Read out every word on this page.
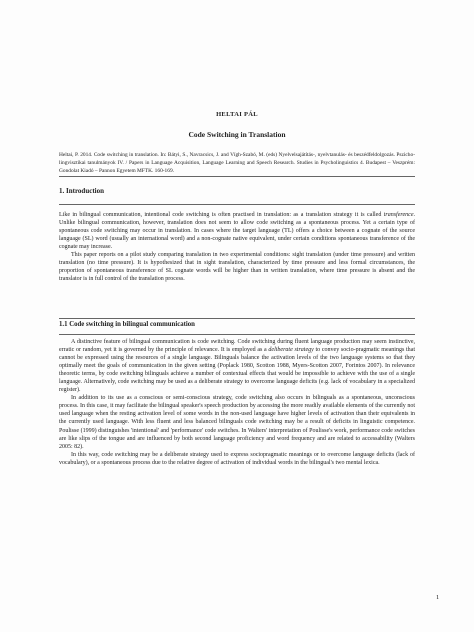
HELTAI PÁL
Code Switching in Translation
Heltai, P. 2014. Code switching in translation. In: Bátyi, S., Navracsics, J. and Vígh-Szabó, M. (eds) Nyelvelsajátítás-, nyelvtanulás- és beszédfeldolgozás. Pszicho-lingvisztikai tanulmányok IV. / Papers in Language Acquisition, Language Learning and Speech Research. Studies in Psycholinguistics 4. Budapest – Veszprém: Gondolat Kiadó – Pannon Egyetem MFTK. 160-169.
1. Introduction

Like in bilingual communication, intentional code switching is often practised in translation: as a translation strategy it is called transference. Unlike bilingual communication, however, translation does not seem to allow code switching as a spontaneous process. Yet a certain type of spontaneous code switching may occur in translation. In cases where the target language (TL) offers a choice between a cognate of the source language (SL) word (usually an international word) and a non-cognate native equivalent, under certain conditions spontaneous transference of the cognate may increase.

This paper reports on a pilot study comparing translation in two experimental conditions: sight translation (under time pressure) and written translation (no time pressure). It is hypothesized that in sight translation, characterized by time pressure and less formal circumstances, the proportion of spontaneous transference of SL cognate words will be higher than in written translation, where time pressure is absent and the translator is in full control of the translation process.

1.1 Code switching in bilingual communication

A distinctive feature of bilingual communication is code switching. Code switching during fluent language production may seem instinctive, erratic or random, yet it is governed by the principle of relevance. It is employed as a deliberate strategy to convey socio-pragmatic meanings that cannot be expressed using the resources of a single language. Bilinguals balance the activation levels of the two language systems so that they optimally meet the goals of communication in the given setting (Poplack 1980, Scotton 1988, Myers-Scotton 2007, Forintos 2007). In relevance theoretic terms, by code switching bilinguals achieve a number of contextual effects that would be impossible to achieve with the use of a single language. Alternatively, code switching may be used as a deliberate strategy to overcome language deficits (e.g. lack of vocabulary in a specialized register).

In addition to its use as a conscious or semi-conscious strategy, code switching also occurs in bilinguals as a spontaneous, unconscious process. In this case, it may facilitate the bilingual speaker's speech production by accessing the more readily available elements of the currently not used language when the resting activation level of some words in the non-used language have higher levels of activation than their equivalents in the currently used language. With less fluent and less balanced bilinguals code switching may be a result of deficits in linguistic competence. Poulisse (1999) distinguishes 'intentional' and 'performance' code switches. In Walters' interpretation of Poulisse's work, performance code switches are like slips of the tongue and are influenced by both second language proficiency and word frequency and are related to accessability (Walters 2005: 82).

In this way, code switching may be a deliberate strategy used to express sociopragmatic meanings or to overcome language deficits (lack of vocabulary), or a spontaneous process due to the relative degree of activation of individual words in the bilingual's two mental lexica.

1
